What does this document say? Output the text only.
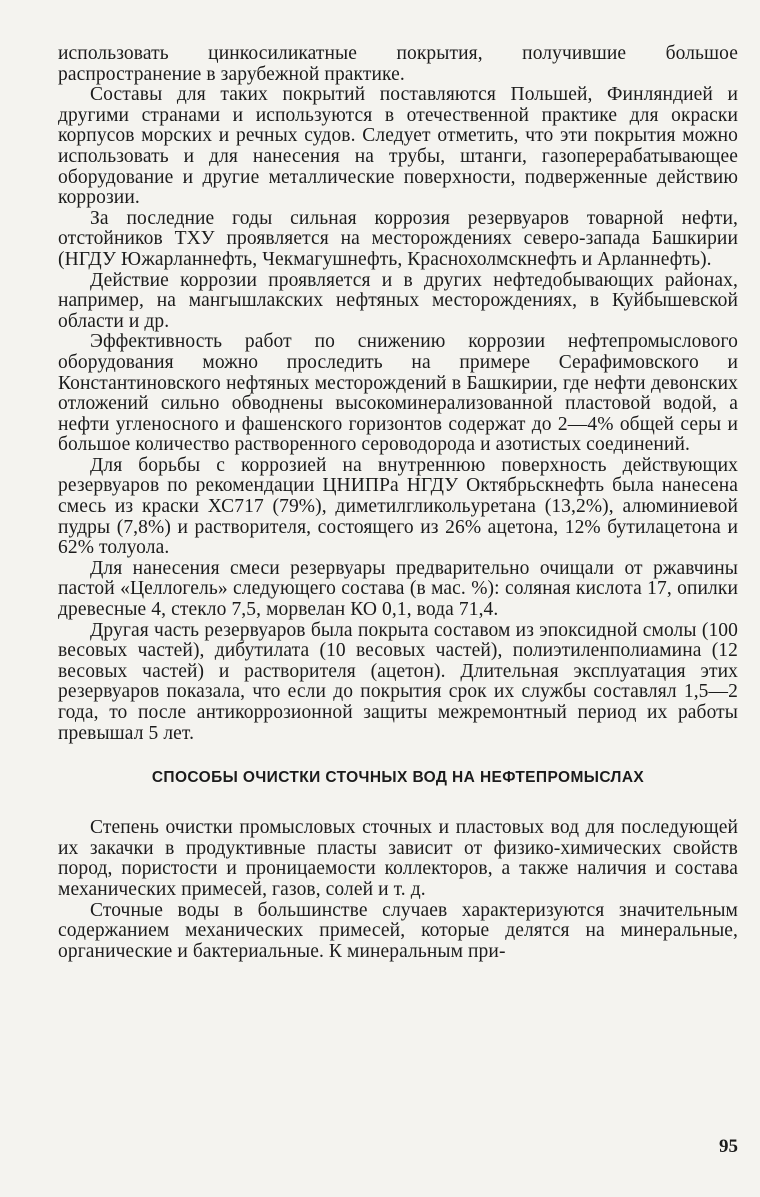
использовать цинкосиликатные покрытия, получившие большое распространение в зарубежной практике.

Составы для таких покрытий поставляются Польшей, Финляндией и другими странами и используются в отечественной практике для окраски корпусов морских и речных судов. Следует отметить, что эти покрытия можно использовать и для нанесения на трубы, штанги, газоперерабатывающее оборудование и другие металлические поверхности, подверженные действию коррозии.

За последние годы сильная коррозия резервуаров товарной нефти, отстойников ТХУ проявляется на месторождениях северо-запада Башкирии (НГДУ Южарланнефть, Чекмагушнефть, Краснохолмскнефть и Арланнефть).

Действие коррозии проявляется и в других нефтедобывающих районах, например, на мангышлакских нефтяных месторождениях, в Куйбышевской области и др.

Эффективность работ по снижению коррозии нефтепромыслового оборудования можно проследить на примере Серафимовского и Константиновского нефтяных месторождений в Башкирии, где нефти девонских отложений сильно обводнены высокоминерализованной пластовой водой, а нефти угленосного и фашенского горизонтов содержат до 2—4% общей серы и большое количество растворенного сероводорода и азотистых соединений.

Для борьбы с коррозией на внутреннюю поверхность действующих резервуаров по рекомендации ЦНИПРа НГДУ Октябрьскнефть была нанесена смесь из краски ХС717 (79%), диметилгликольуретана (13,2%), алюминиевой пудры (7,8%) и растворителя, состоящего из 26% ацетона, 12% бутилацетона и 62% толуола.

Для нанесения смеси резервуары предварительно очищали от ржавчины пастой «Целлогель» следующего состава (в мас. %): соляная кислота 17, опилки древесные 4, стекло 7,5, морвелан КО 0,1, вода 71,4.

Другая часть резервуаров была покрыта составом из эпоксидной смолы (100 весовых частей), дибутилата (10 весовых частей), полиэтиленполиамина (12 весовых частей) и растворителя (ацетон). Длительная эксплуатация этих резервуаров показала, что если до покрытия срок их службы составлял 1,5—2 года, то после антикоррозионной защиты межремонтный период их работы превышал 5 лет.

СПОСОБЫ ОЧИСТКИ СТОЧНЫХ ВОД НА НЕФТЕПРОМЫСЛАХ

Степень очистки промысловых сточных и пластовых вод для последующей их закачки в продуктивные пласты зависит от физико-химических свойств пород, пористости и проницаемости коллекторов, а также наличия и состава механических примесей, газов, солей и т. д.

Сточные воды в большинстве случаев характеризуются значительным содержанием механических примесей, которые делятся на минеральные, органические и бактериальные. К минеральным при-

95
